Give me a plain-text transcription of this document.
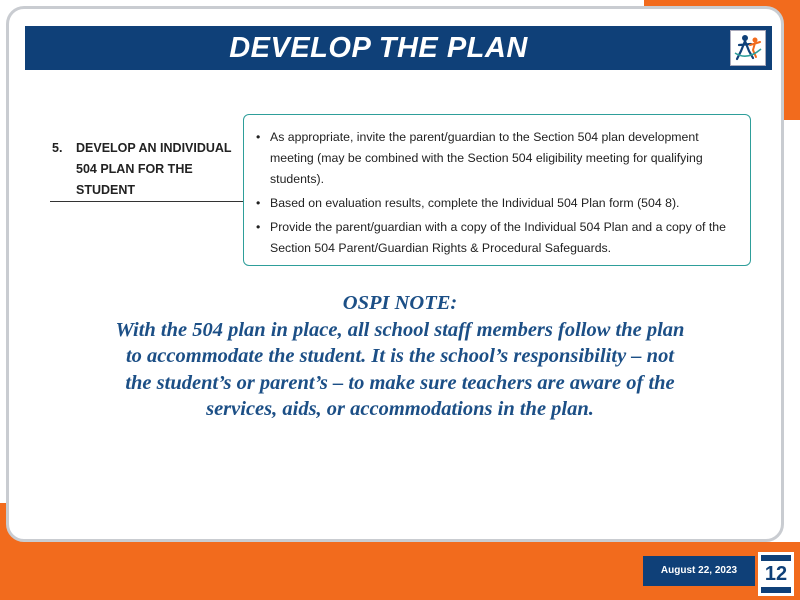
DEVELOP THE PLAN
5. DEVELOP AN INDIVIDUAL 504 PLAN FOR THE STUDENT
• As appropriate, invite the parent/guardian to the Section 504 plan development meeting (may be combined with the Section 504 eligibility meeting for qualifying students).
• Based on evaluation results, complete the Individual 504 Plan form (504 8).
• Provide the parent/guardian with a copy of the Individual 504 Plan and a copy of the Section 504 Parent/Guardian Rights & Procedural Safeguards.
OSPI NOTE:
With the 504 plan in place, all school staff members follow the plan
to accommodate the student. It is the school’s responsibility – not
the student’s or parent’s – to make sure teachers are aware of the
services, aids, or accommodations in the plan.
August 22, 2023	12
